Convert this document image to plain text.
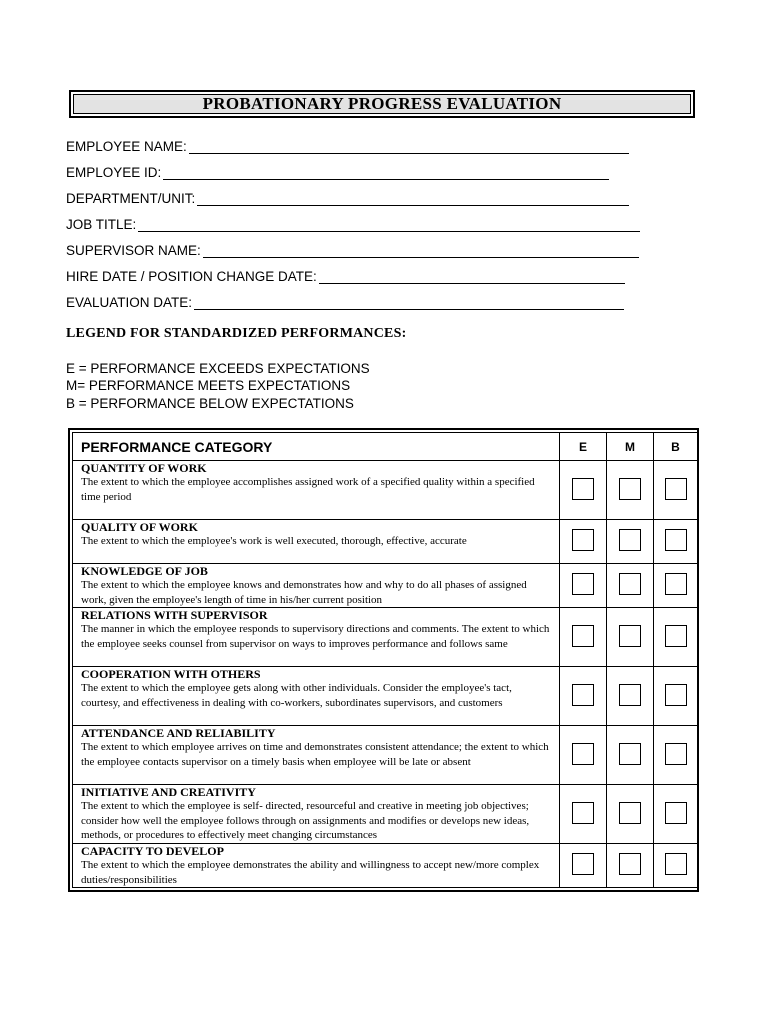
PROBATIONARY PROGRESS EVALUATION
EMPLOYEE NAME:
EMPLOYEE ID:
DEPARTMENT/UNIT:
JOB TITLE:
SUPERVISOR NAME:
HIRE DATE / POSITION CHANGE DATE:
EVALUATION DATE:
LEGEND FOR STANDARDIZED PERFORMANCES:
E = PERFORMANCE EXCEEDS EXPECTATIONS
M= PERFORMANCE MEETS EXPECTATIONS
B = PERFORMANCE BELOW EXPECTATIONS
PERFORMANCE CATEGORY	E	M	B

QUANTITY OF WORK
The extent to which the employee accomplishes assigned work of a specified quality within a specified time period			

QUALITY OF WORK
The extent to which the employee's work is well executed, thorough, effective, accurate			

KNOWLEDGE OF JOB
The extent to which the employee knows and demonstrates how and why to do all phases of assigned work, given the employee's length of time in his/her current position			

RELATIONS WITH SUPERVISOR
The manner in which the employee responds to supervisory directions and comments. The extent to which the employee seeks counsel from supervisor on ways to improves performance and follows same			

COOPERATION WITH OTHERS
The extent to which the employee gets along with other individuals. Consider the employee's tact, courtesy, and effectiveness in dealing with co-workers, subordinates supervisors, and customers			

ATTENDANCE AND RELIABILITY
The extent to which employee arrives on time and demonstrates consistent attendance; the extent to which the employee contacts supervisor on a timely basis when employee will be late or absent			

INITIATIVE AND CREATIVITY
The extent to which the employee is self- directed, resourceful and creative in meeting job objectives; consider how well the employee follows through on assignments and modifies or develops new ideas, methods, or procedures to effectively meet changing circumstances			

CAPACITY TO DEVELOP
The extent to which the employee demonstrates the ability and willingness to accept new/more complex duties/responsibilities			
